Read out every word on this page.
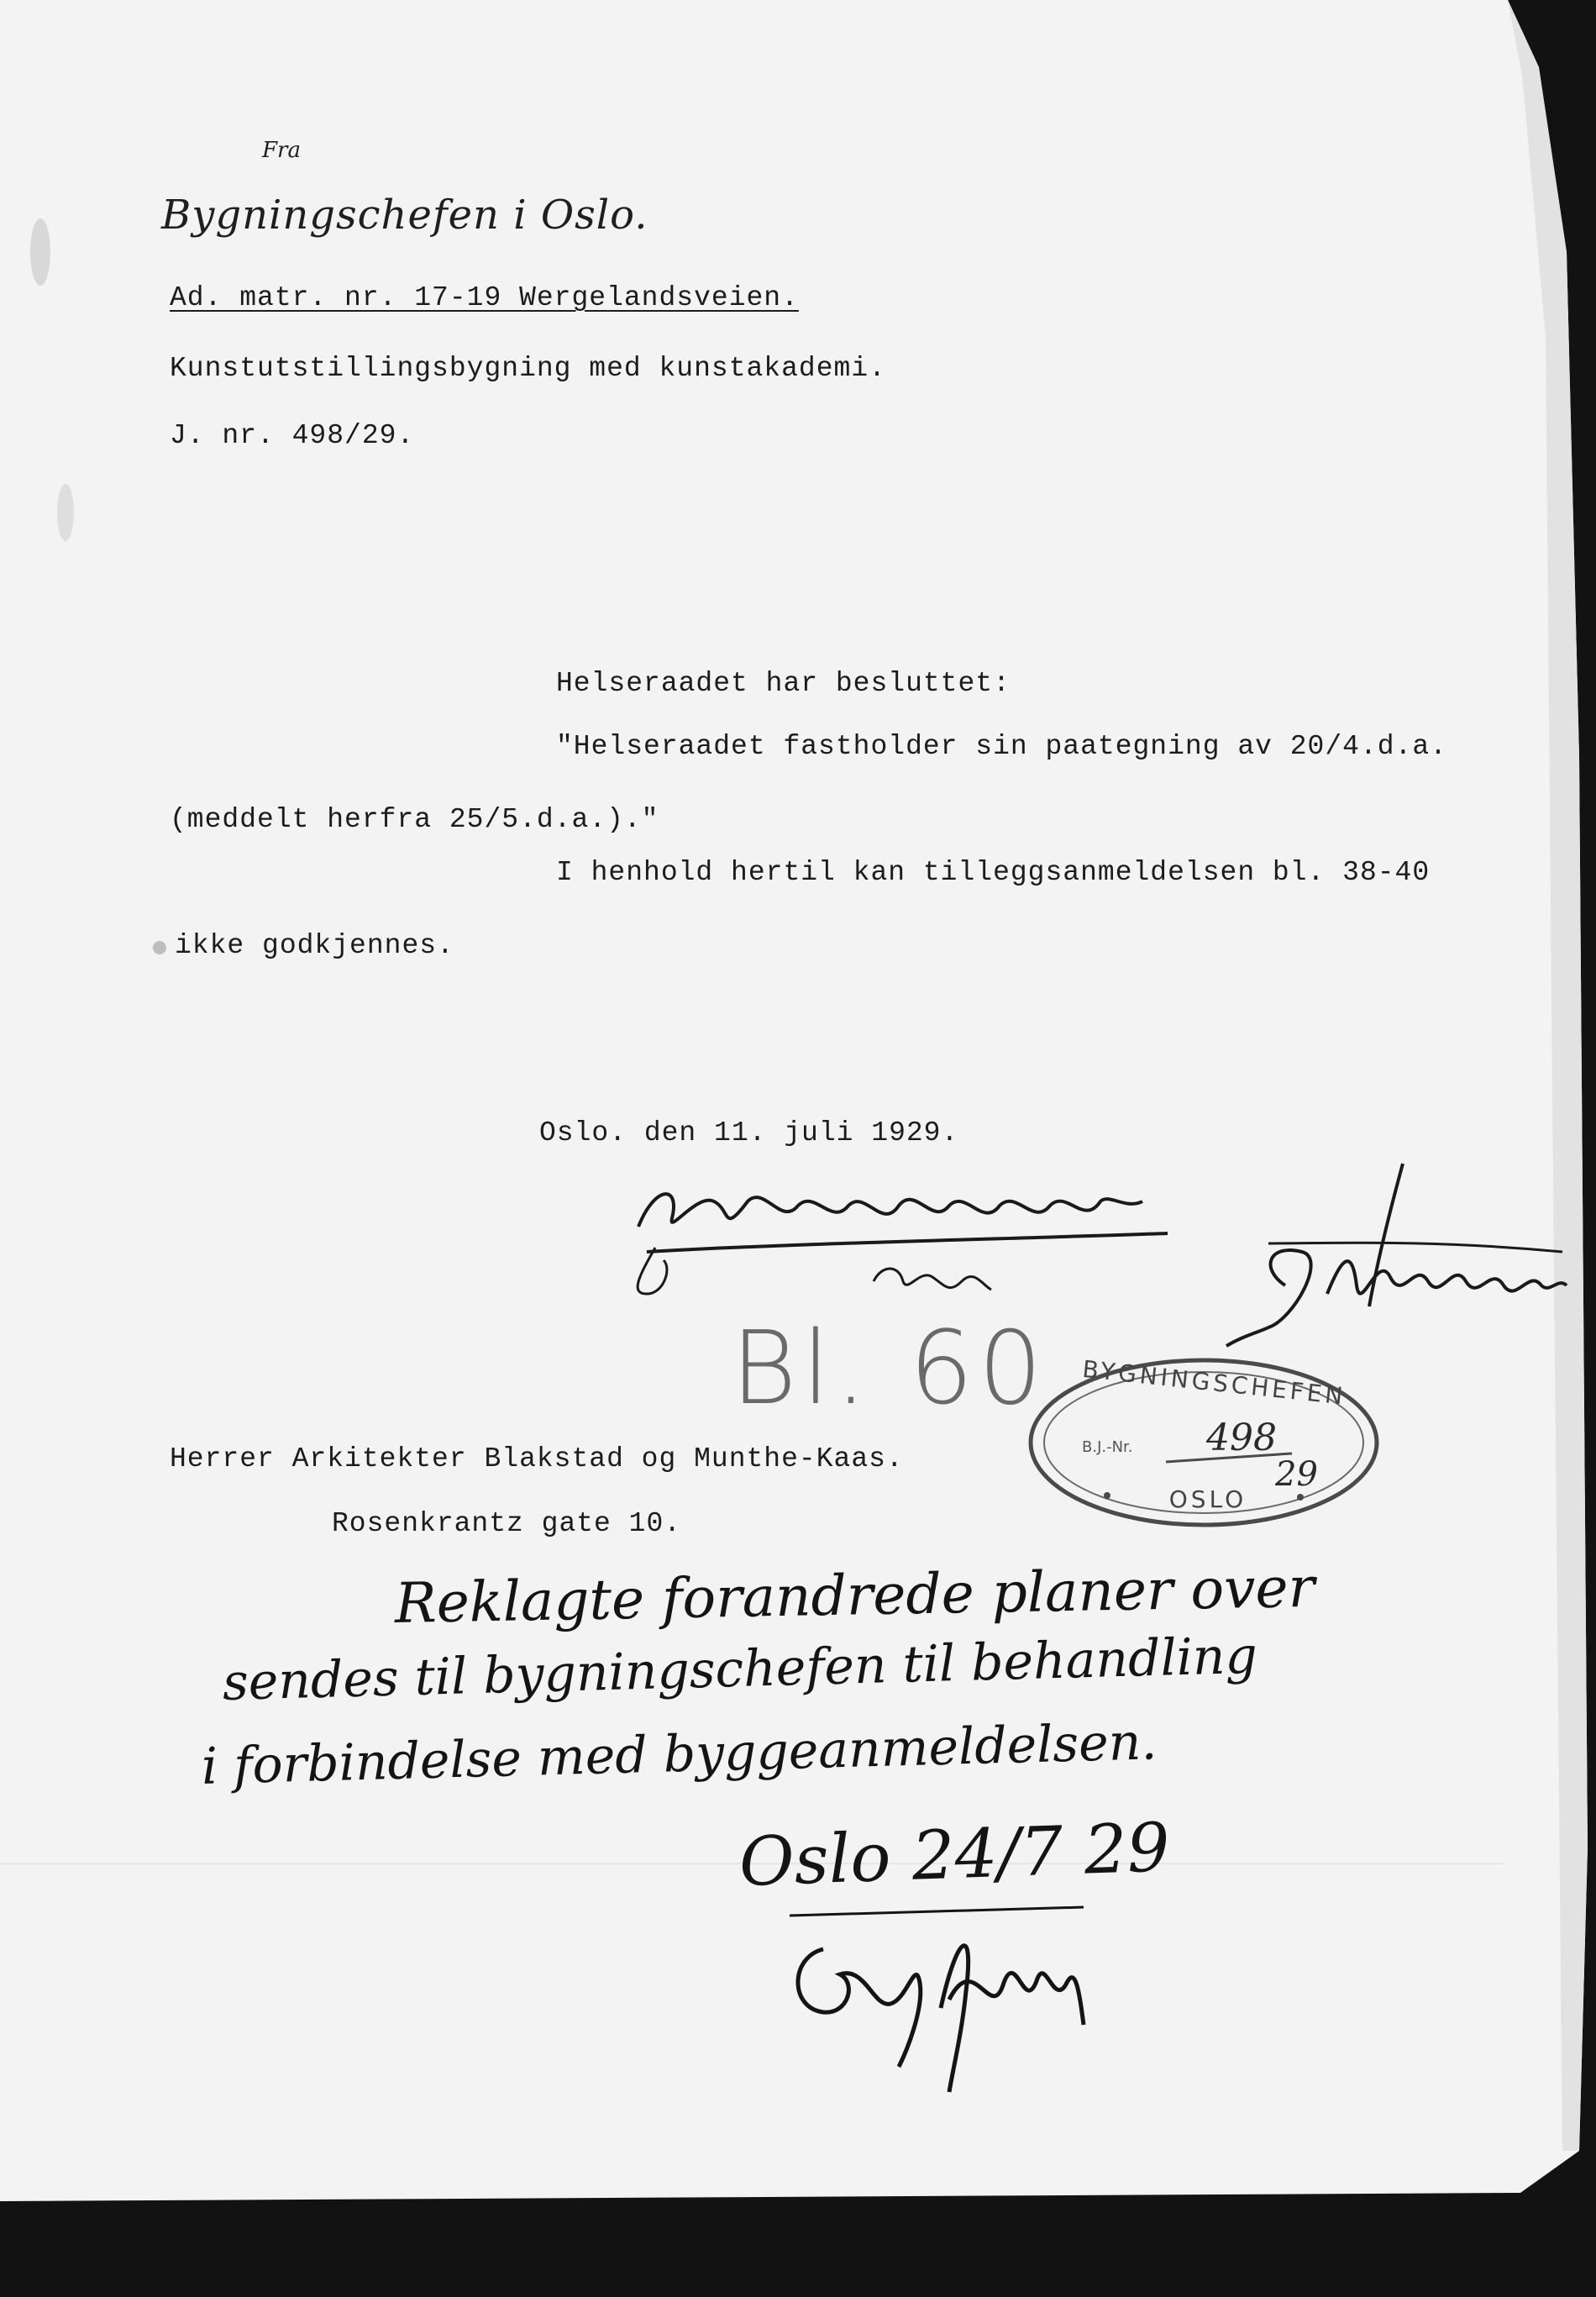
Fra
Bygningschefen i Oslo.
Ad. matr. nr. 17-19 Wergelandsveien.
Kunstutstillingsbygning med kunstakademi.
J. nr. 498/29.
Helseraadet har besluttet:
"Helseraadet fastholder sin paategning av 20/4.d.a.
(meddelt herfra 25/5.d.a.)."
I henhold hertil kan tilleggsanmeldelsen bl. 38-40
ikke godkjennes.
Oslo. den 11. juli 1929.
Bl. 60 BYGNINGSCHEFEN
B.J.-Nr. 498
29
OSLO
Herrer Arkitekter Blakstad og Munthe-Kaas.
Rosenkrantz gate 10.
Reklagte forandrede planer over
sendes til bygningschefen til behandling
i forbindelse med byggeanmeldelsen.
Oslo 24/7 29
